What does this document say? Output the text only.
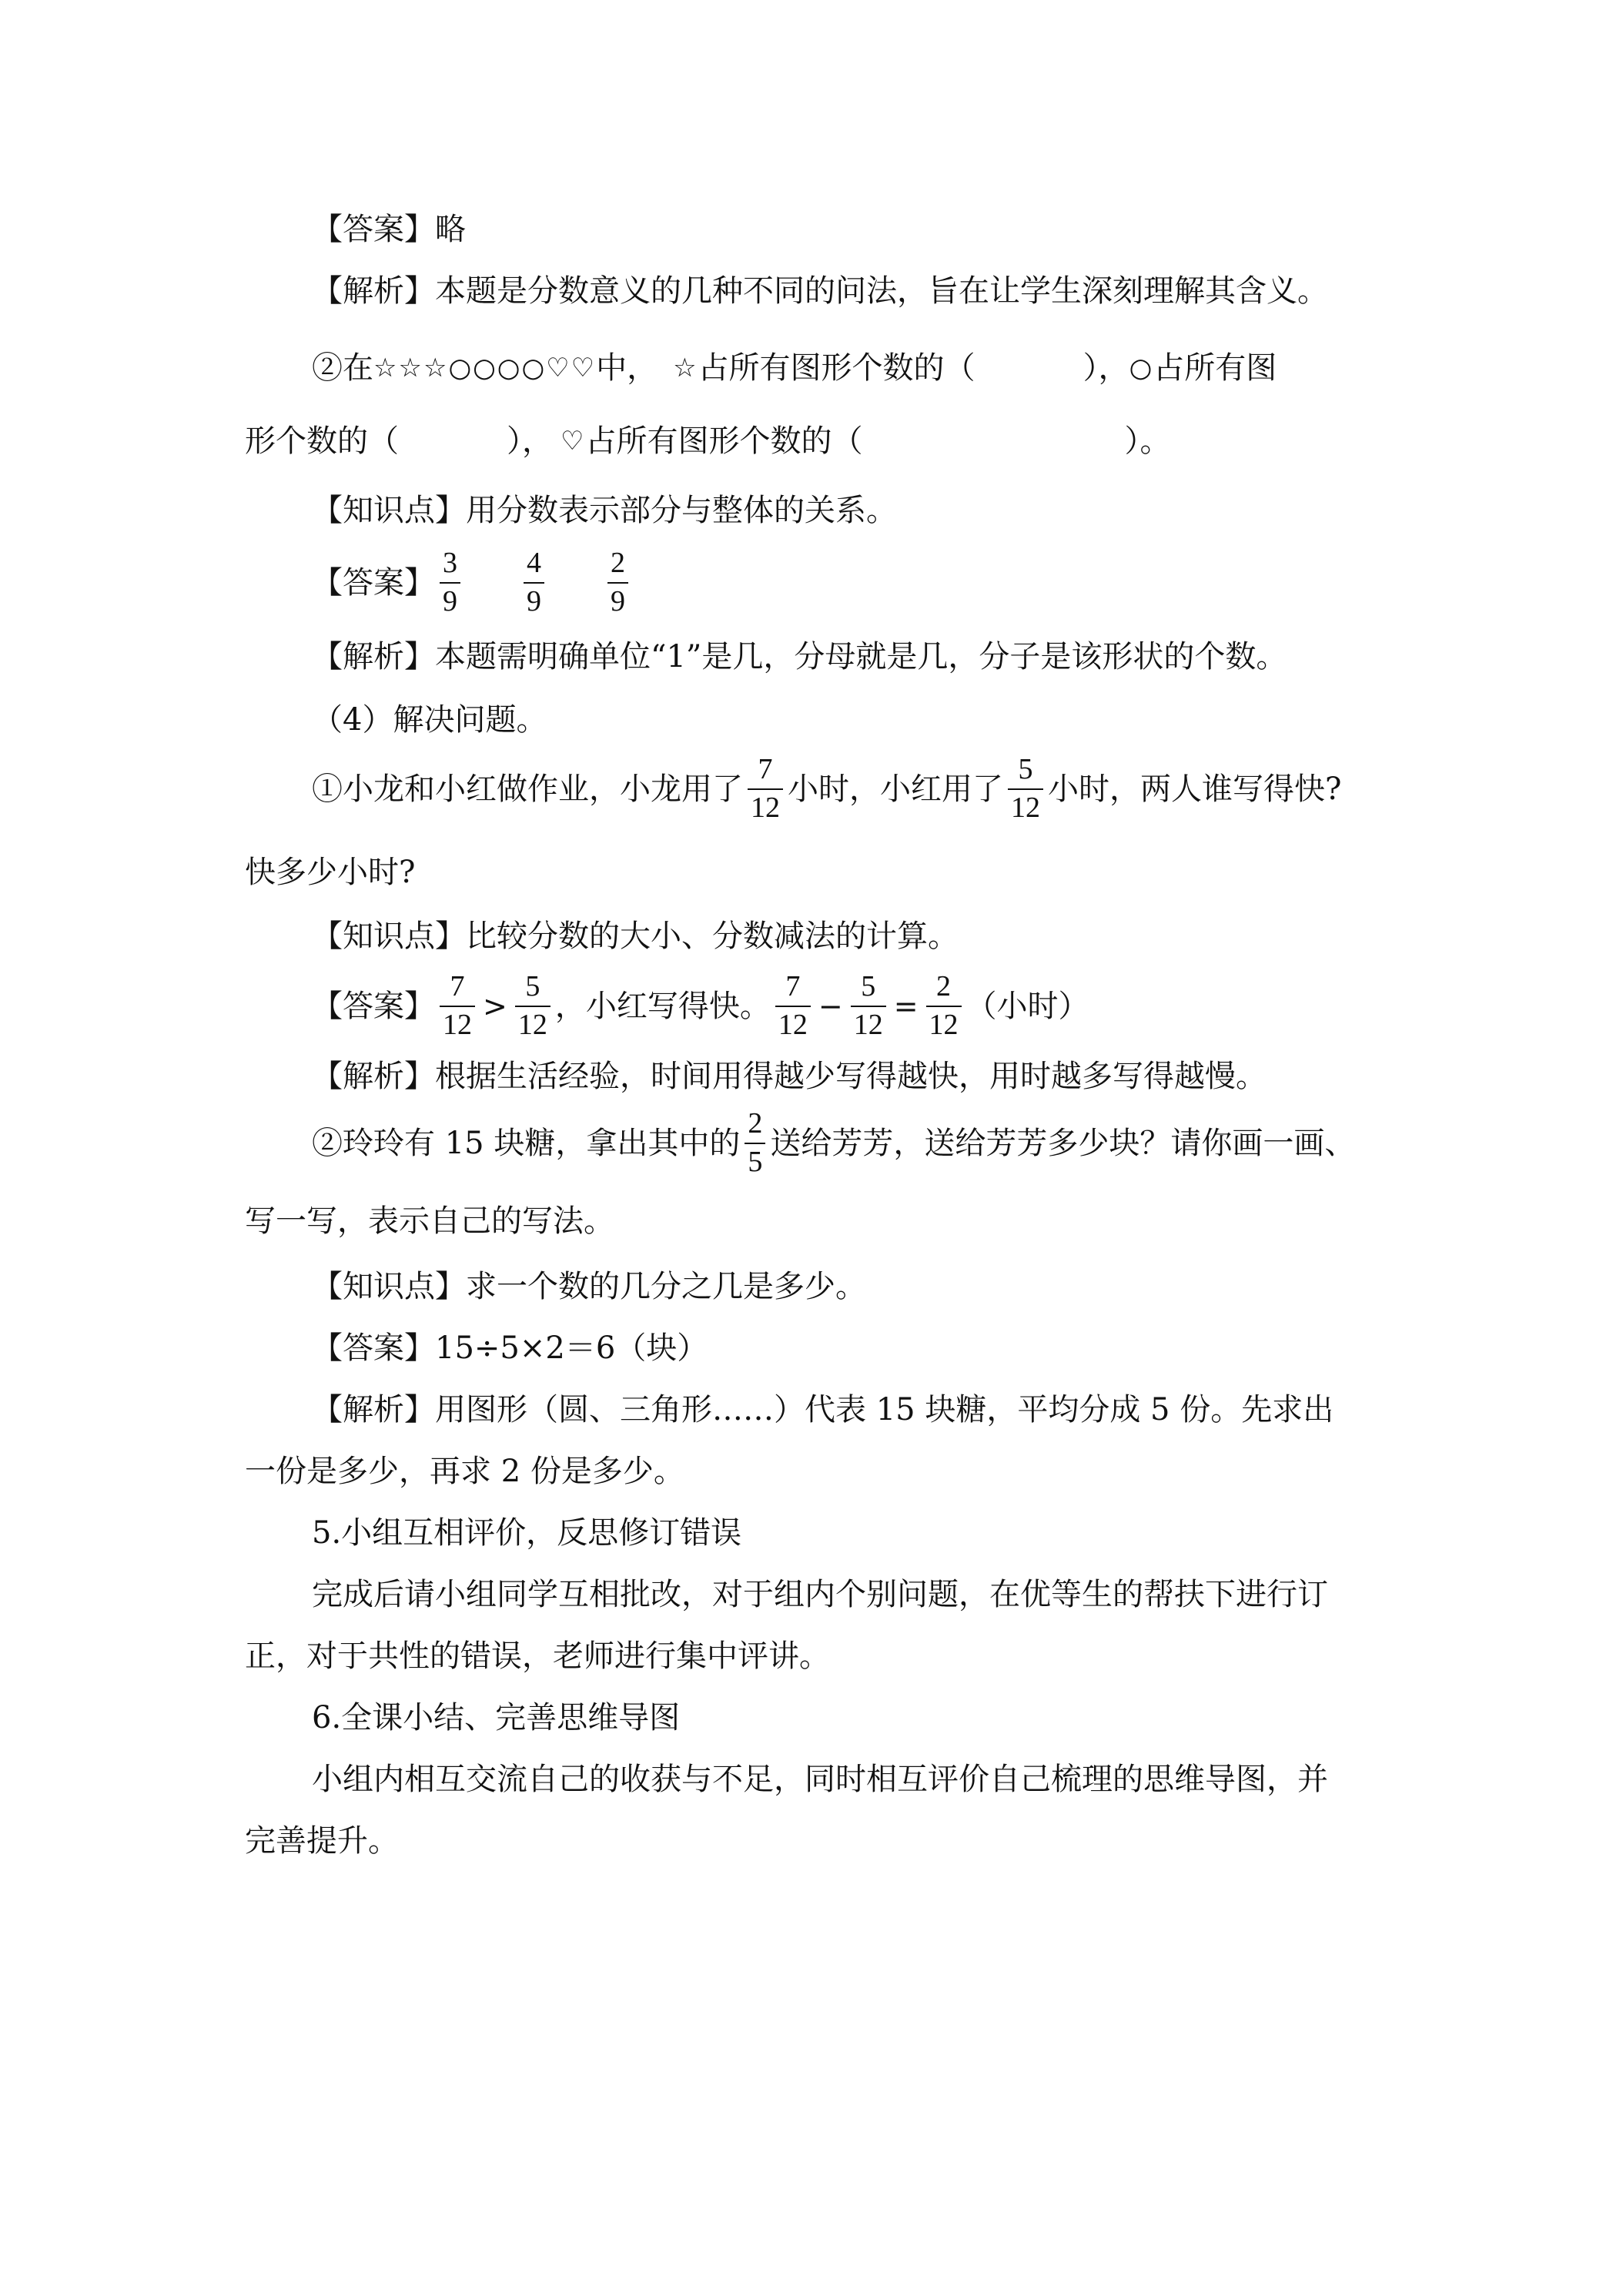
【答案】略
【解析】本题是分数意义的几种不同的问法，旨在让学生深刻理解其含义。
②在☆☆☆○○○○♡♡中， ☆占所有图形个数的（	），○占所有图
形个数的（	）， ♡占所有图形个数的（	）。
【知识点】用分数表示部分与整体的关系。
【答案】 $\frac{3}{9} \frac{4}{9} \frac{2}{9}$
【解析】本题需明确单位“1”是几，分母就是几，分子是该形状的个数。
（4）解决问题。
①小龙和小红做作业，小龙用了 $\frac{7}{12}$ 小时，小红用了 $\frac{5}{12}$ 小时，两人谁写得快?
快多少小时?
【知识点】比较分数的大小、分数减法的计算。
【答案】 $\frac{7}{12} > \frac{5}{12}$ ，小红写得快。 $\frac{7}{12} - \frac{5}{12} = \frac{2}{12}$ （小时）
【解析】根据生活经验，时间用得越少写得越快，用时越多写得越慢。
②玲玲有 15 块糖，拿出其中的 $\frac{2}{5}$ 送给芳芳，送给芳芳多少块？请你画一画、
写一写，表示自己的写法。
【知识点】求一个数的几分之几是多少。
【答案】15÷5×2＝6（块）
【解析】用图形（圆、三角形……）代表 15 块糖，平均分成 5 份。先求出
一份是多少，再求 2 份是多少。
5.小组互相评价，反思修订错误
完成后请小组同学互相批改，对于组内个别问题，在优等生的帮扶下进行订
正，对于共性的错误，老师进行集中评讲。
6.全课小结、完善思维导图
小组内相互交流自己的收获与不足，同时相互评价自己梳理的思维导图，并
完善提升。
